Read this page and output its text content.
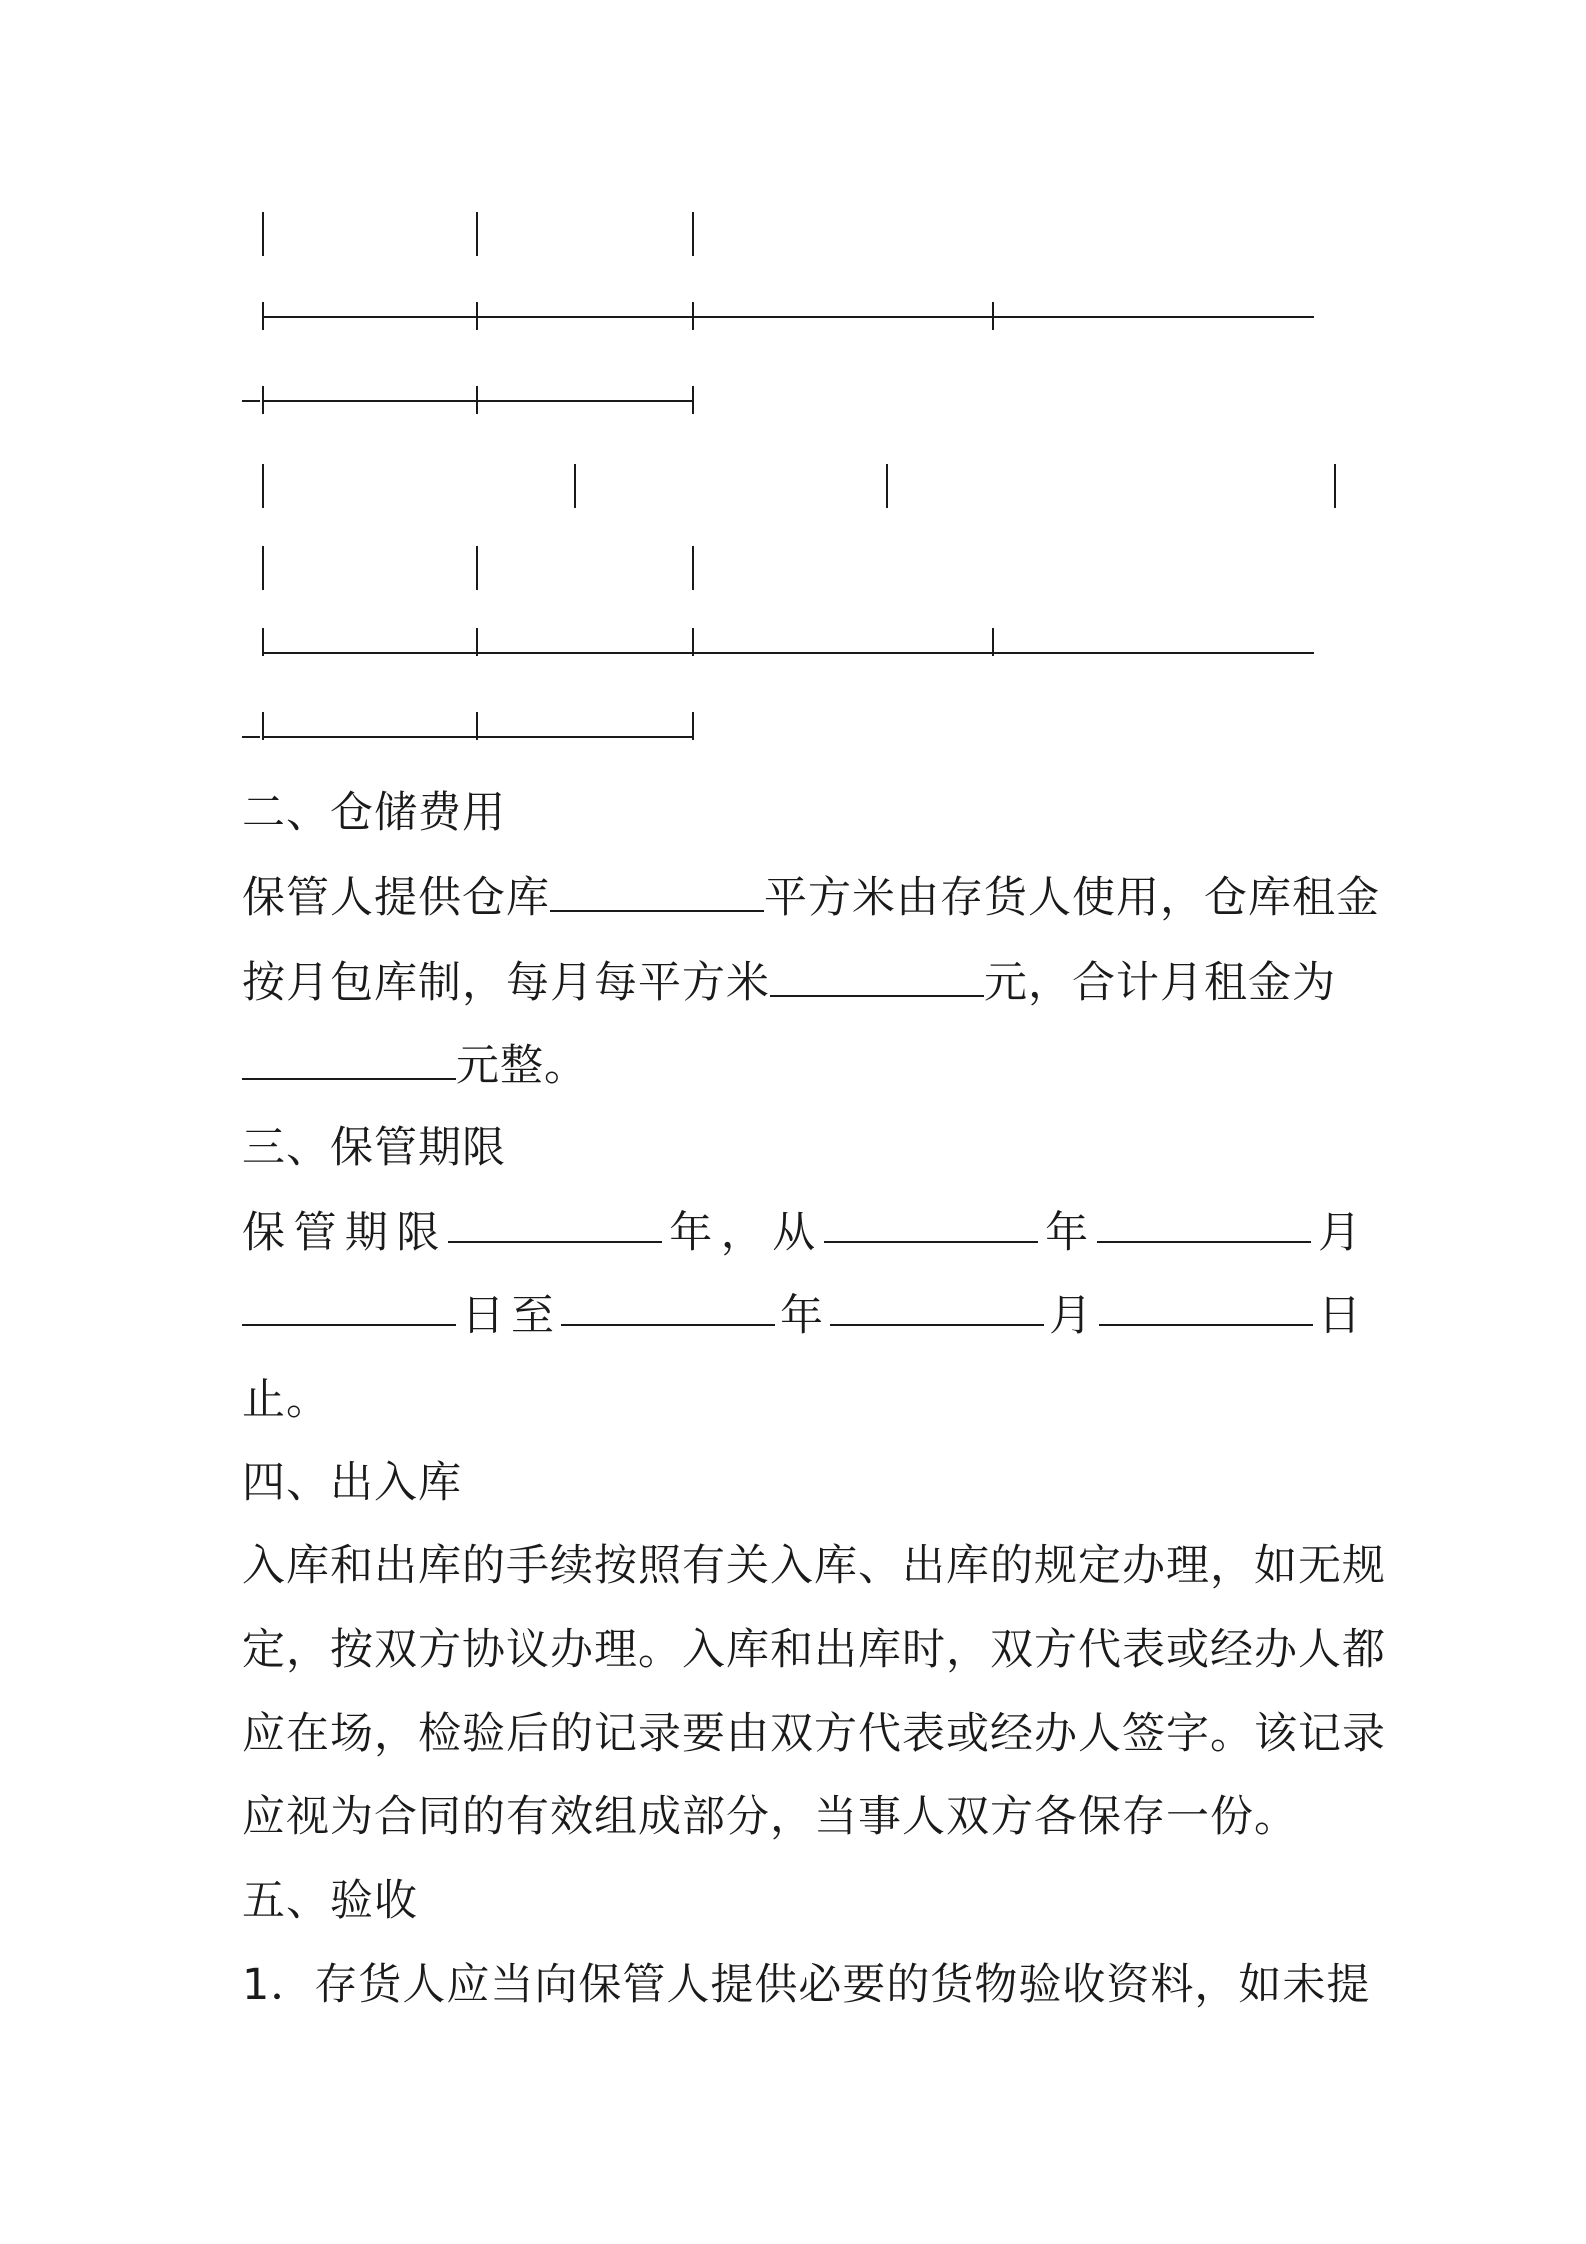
二、仓储费用
保管人提供仓库	平方米由存货人使用，仓库租金
按月包库制，每月每平方米	元，合计月租金为
元整。
三、保管期限
保 管 期 限	年 ， 从	年	月
日 至	年	月	日
止。
四、出入库
入库和出库的手续按照有关入库、出库的规定办理，如无规
定，按双方协议办理。入库和出库时，双方代表或经办人都
应在场，检验后的记录要由双方代表或经办人签字。该记录
应视为合同的有效组成部分，当事人双方各保存一份。
五、验收
1．存货人应当向保管人提供必要的货物验收资料，如未提
